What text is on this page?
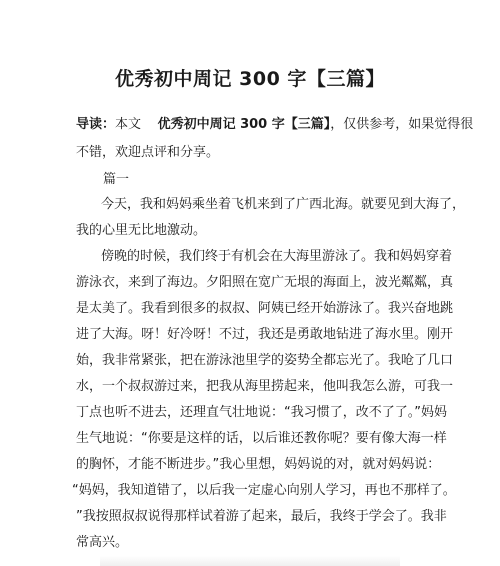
优秀初中周记 300 字【三篇】
导读：本文 优秀初中周记 300 字【三篇】，仅供参考，如果觉得很
不错，欢迎点评和分享。
篇一
今天，我和妈妈乘坐着飞机来到了广西北海。就要见到大海了，
我的心里无比地激动。
傍晚的时候，我们终于有机会在大海里游泳了。我和妈妈穿着
游泳衣，来到了海边。夕阳照在宽广无垠的海面上，波光粼粼，真
是太美了。我看到很多的叔叔、阿姨已经开始游泳了。我兴奋地跳
进了大海。呀！好冷呀！不过，我还是勇敢地钻进了海水里。刚开
始，我非常紧张，把在游泳池里学的姿势全都忘光了。我呛了几口
水，一个叔叔游过来，把我从海里捞起来，他叫我怎么游，可我一
丁点也听不进去，还理直气壮地说：“我习惯了，改不了了。”妈妈
生气地说：“你要是这样的话，以后谁还教你呢？要有像大海一样
的胸怀，才能不断进步。”我心里想，妈妈说的对，就对妈妈说：
“妈妈，我知道错了，以后我一定虚心向别人学习，再也不那样了。
”我按照叔叔说得那样试着游了起来，最后，我终于学会了。我非
常高兴。
